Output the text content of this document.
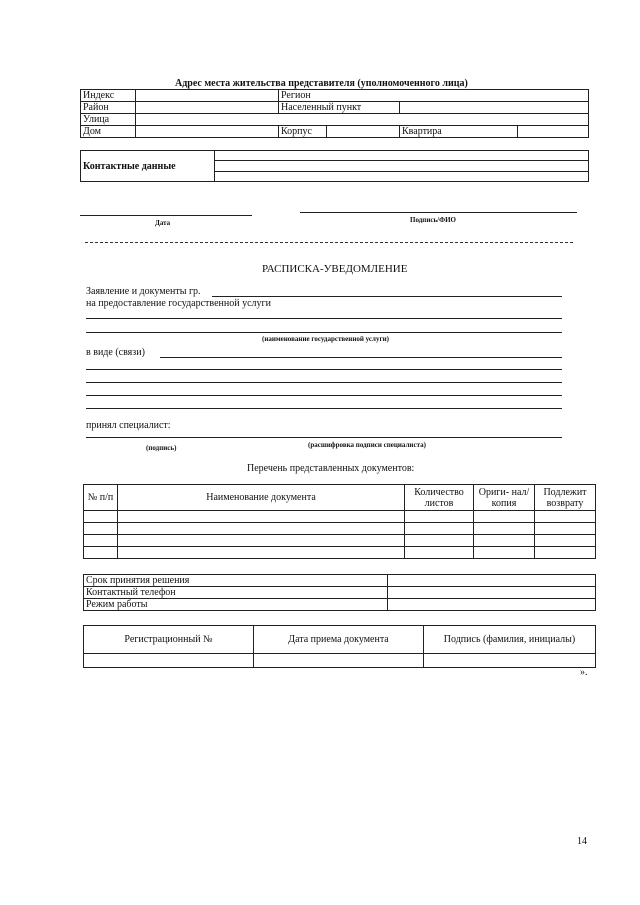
Адрес места жительства представителя (уполномоченного лица)
Индекс		Регион			
Район		Населенный пункт			
Улица					
Дом		Корпус		Квартира	
Контактные данные	

Дата	Подпись/ФИО
РАСПИСКА-УВЕДОМЛЕНИЕ
Заявление и документы гр.
на предоставление государственной услуги
(наименование государственной услуги)
в виде (связи)
принял специалист:
(подпись)	(расшифровка подписи специалиста)
Перечень представленных документов:
№ п/п	Наименование документа	Количество листов	Ориги- нал/копия	Подлежит возврату

Срок принятия решения	
Контактный телефон	
Режим работы	
Регистрационный №	Дата приема документа	Подпись (фамилия, инициалы)

».
14
